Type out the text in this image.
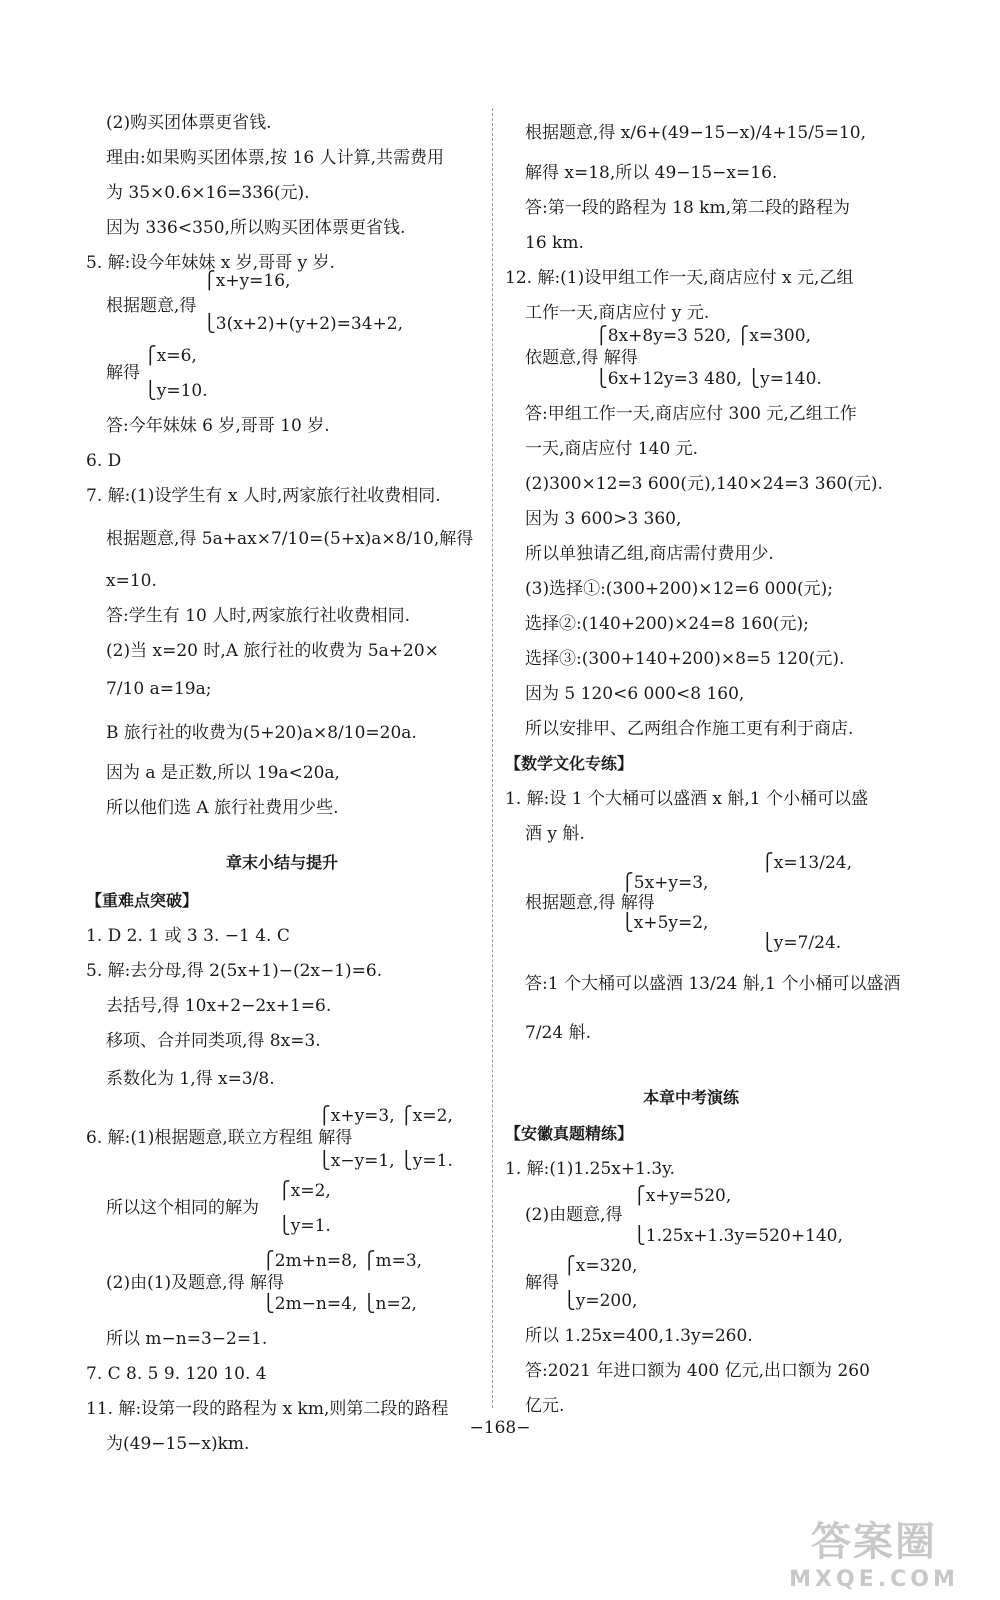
(2)购买团体票更省钱.
理由:如果购买团体票,按 16 人计算,共需费用
为 35×0.6×16=336(元).
因为 336<350,所以购买团体票更省钱.
5. 解:设今年妹妹 x 岁,哥哥 y 岁.
⎧x+y=16,
根据题意,得
⎩3(x+2)+(y+2)=34+2,
⎧x=6,
解得
⎩y=10.
答:今年妹妹 6 岁,哥哥 10 岁.
6. D
7. 解:(1)设学生有 x 人时,两家旅行社收费相同.
根据题意,得 5a+ax×7/10=(5+x)a×8/10,解得
x=10.
答:学生有 10 人时,两家旅行社收费相同.
(2)当 x=20 时,A 旅行社的收费为 5a+20×
7/10 a=19a;
B 旅行社的收费为(5+20)a×8/10=20a.
因为 a 是正数,所以 19a<20a,
所以他们选 A 旅行社费用少些.
【重难点突破】
1. D 2. 1 或 3 3. −1 4. C
5. 解:去分母,得 2(5x+1)−(2x−1)=6.
去括号,得 10x+2−2x+1=6.
移项、合并同类项,得 8x=3.
系数化为 1,得 x=3/8.
⎧x+y=3, ⎧x=2,
6. 解:(1)根据题意,联立方程组 解得
⎩x−y=1, ⎩y=1.
⎧x=2,
所以这个相同的解为
⎩y=1.
⎧2m+n=8, ⎧m=3,
(2)由(1)及题意,得 解得
⎩2m−n=4, ⎩n=2,
所以 m−n=3−2=1.
7. C 8. 5 9. 120 10. 4
11. 解:设第一段的路程为 x km,则第二段的路程
为(49−15−x)km.
章末小结与提升
根据题意,得 x/6+(49−15−x)/4+15/5=10,
解得 x=18,所以 49−15−x=16.
答:第一段的路程为 18 km,第二段的路程为
16 km.
12. 解:(1)设甲组工作一天,商店应付 x 元,乙组
工作一天,商店应付 y 元.
⎧8x+8y=3 520, ⎧x=300,
依题意,得 解得
⎩6x+12y=3 480, ⎩y=140.
答:甲组工作一天,商店应付 300 元,乙组工作
一天,商店应付 140 元.
(2)300×12=3 600(元),140×24=3 360(元).
因为 3 600>3 360,
所以单独请乙组,商店需付费用少.
(3)选择①:(300+200)×12=6 000(元);
选择②:(140+200)×24=8 160(元);
选择③:(300+140+200)×8=5 120(元).
因为 5 120<6 000<8 160,
所以安排甲、乙两组合作施工更有利于商店.
【数学文化专练】
1. 解:设 1 个大桶可以盛酒 x 斛,1 个小桶可以盛
酒 y 斛.
⎧x=13/24,
⎧5x+y=3,
根据题意,得 解得
⎩x+5y=2,
⎩y=7/24.
答:1 个大桶可以盛酒 13/24 斛,1 个小桶可以盛酒
7/24 斛.
【安徽真题精练】
1. 解:(1)1.25x+1.3y.
⎧x+y=520,
(2)由题意,得
⎩1.25x+1.3y=520+140,
⎧x=320,
解得
⎩y=200,
所以 1.25x=400,1.3y=260.
答:2021 年进口额为 400 亿元,出口额为 260
亿元.
本章中考演练
−168−
答案圈
MXQE.COM
